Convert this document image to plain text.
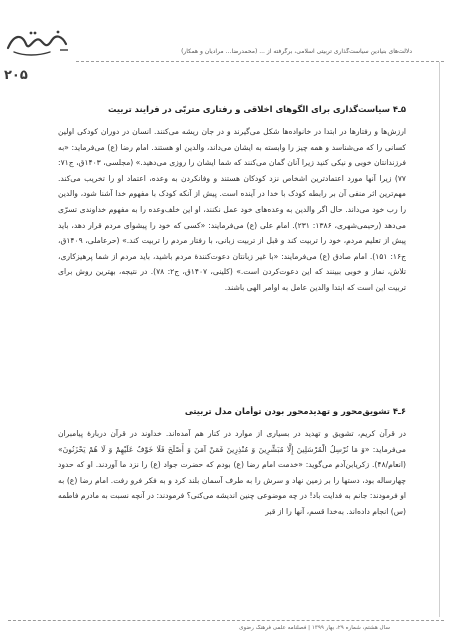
دلالت‌های بنیادین سیاست‌گذاری تربیتی اسلامی، برگرفته از ... (محمدرضا… مرادیان و همکار)
۲۰۵
۵ـ۴ سیاست‌گذاری برای الگوهای اخلاقی و رفتاری متربّی در فرایند تربیت
ارزش‌ها و رفتارها در ابتدا در خانواده‌ها شکل می‌گیرند و در جان ریشه می‌کنند. انسان در دوران کودکی اولین کسانی را که می‌شناسد و همه چیز را وابسته به ایشان می‌داند، والدین او هستند. امام رضا (ع) می‌فرماید: «به فرزندانتان خوبی و نیکی کنید زیرا آنان گمان می‌کنند که شما ایشان را روزی می‌دهید.» (مجلسی، ۱۴۰۳ق، ج۷۱: ۷۷) زیرا آنها مورد اعتمادترین اشخاص نزد کودکان هستند و وفانکردن به وعده، اعتماد او را تخریب می‌کند. مهم‌ترین اثر منفی آن بر رابطه کودک با خدا در آینده است. پیش از آنکه کودک با مفهوم خدا آشنا شود، والدین را رب خود می‌داند. حال اگر والدین به وعده‌های خود عمل نکنند، او این خلف‌وعده را به مفهوم خداوندی تسرّی می‌دهد (رحیمی‌شهری، ۱۳۸۶: ۲۳۱). امام علی (ع) می‌فرمایند: «کسی که خود را پیشوای مردم قرار دهد، باید پیش از تعلیم مردم، خود را تربیت کند و قبل از تربیت زبانی، با رفتار مردم را تربیت کند.» (حرعاملی، ۱۴۰۹ق، ج۱۶: ۱۵۱). امام صادق (ع) می‌فرمایند: «با غیر زبانتان دعوت‌کنندۀ مردم باشید، باید مردم از شما پرهیزکاری، تلاش، نماز و خوبی ببینند که این دعوت‌کردن است.» (کلینی، ۱۴۰۷ق، ج۲: ۷۸). در نتیجه، بهترین روش برای تربیت این است که ابتدا والدین عامل به اوامر الهی باشند.
۶ـ۴ تشویق‌محور و تهدیدمحور بودن توأمان مدل تربیتی
در قرآن کریم، تشویق و تهدید در بسیاری از موارد در کنار هم آمده‌اند. خداوند در قرآن دربارۀ پیامبران می‌فرماید: «وَ مَا نُرْسِلُ الْمُرْسَلِينَ إِلَّا مُبَشِّرِينَ وَ مُنْذِرِينَ فَمَنْ آمَنَ وَ أَصْلَحَ فَلَا خَوْفٌ عَلَيْهِمْ وَ لَا هُمْ يَحْزَنُونَ» (انعام/۴۸). زکریابن‌آدم می‌گوید: «خدمت امام رضا (ع) بودم که حضرت جواد (ع) را نزد ما آوردند. او که حدود چهارساله بود، دستها را بر زمین نهاد و سرش را به طرف آسمان بلند کرد و به فکر فرو رفت. امام رضا (ع) به او فرمودند: جانم به فدایت باد! در چه موضوعی چنین اندیشه می‌کنی؟ فرمودند: در آنچه نسبت به مادرم فاطمه (س) انجام داده‌اند. به‌خدا قسم، آنها را از قبر
سال هشتم، شماره ۲۹، بهار ۱۳۹۹ | فصلنامه علمی فرهنگ رضوی
